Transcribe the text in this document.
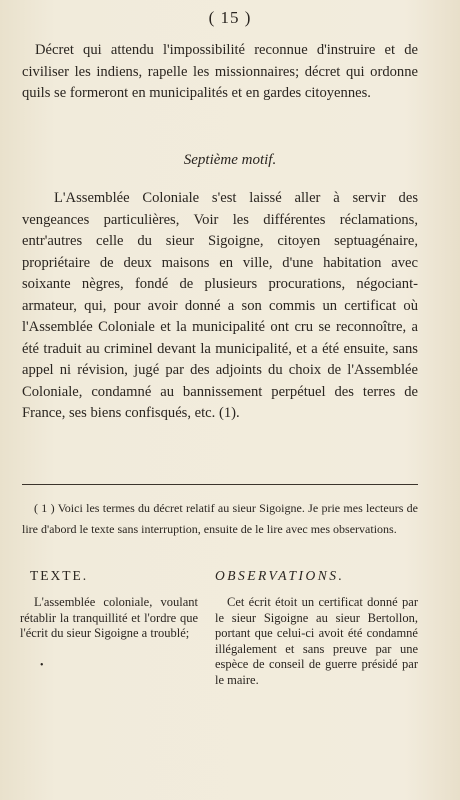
( 15 )
Décret qui attendu l'impossibilité reconnue d'instruire et de civiliser les indiens, rapelle les missionnaires; décret qui ordonne quils se formeront en municipalités et en gardes citoyennes.
Septième motif.
L'Assemblée Coloniale s'est laissé aller à servir des vengeances particulières, Voir les différentes réclamations, entr'autres celle du sieur Sigoigne, citoyen septuagénaire, propriétaire de deux maisons en ville, d'une habitation avec soixante nègres, fondé de plusieurs procurations, négociant-armateur, qui, pour avoir donné a son commis un certificat où l'Assemblée Coloniale et la municipalité ont cru se reconnoître, a été traduit au criminel devant la municipalité, et a été ensuite, sans appel ni révision, jugé par des adjoints du choix de l'Assemblée Coloniale, condamné au bannissement perpétuel des terres de France, ses biens confisqués, etc. (1).
( 1 ) Voici les termes du décret relatif au sieur Sigoigne. Je prie mes lecteurs de lire d'abord le texte sans interruption, ensuite de le lire avec mes observations.
TEXTE.	OBSERVATIONS.
L'assemblée coloniale, voulant rétablir la tranquillité et l'ordre que l'écrit du sieur Sigoigne a troublé;
Cet écrit étoit un certificat donné par le sieur Sigoigne au sieur Bertollon, portant que celui-ci avoit été condamné illégalement et sans preuve par une espèce de conseil de guerre présidé par le maire.
•
